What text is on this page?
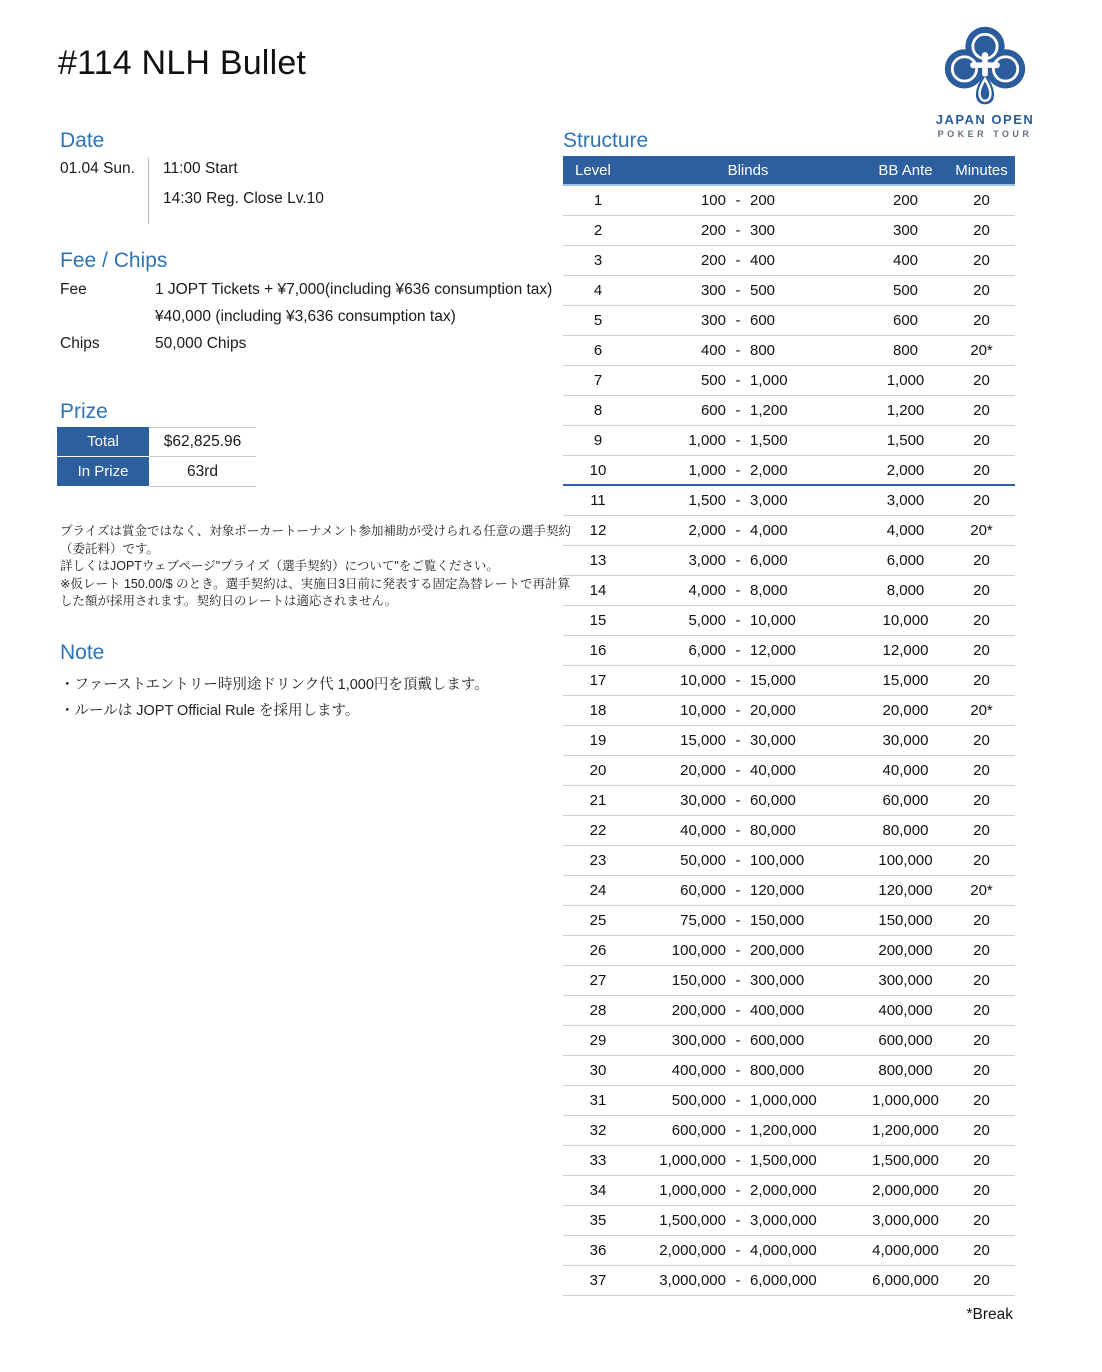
#114 NLH Bullet
JAPAN OPEN
POKER TOUR
Date
01.04 Sun.	11:00 Start
14:30 Reg. Close Lv.10
Fee / Chips
Fee	1 JOPT Tickets + ¥7,000(including ¥636 consumption tax)
¥40,000 (including ¥3,636 consumption tax)
Chips	50,000 Chips
Prize
Total	$62,825.96
In Prize	63rd
プライズは賞金ではなく、対象ポーカートーナメント参加補助が受けられる任意の選手契約（委託料）です。
詳しくはJOPTウェブページ"プライズ（選手契約）について"をご覧ください。
※仮レート 150.00/$ のとき。選手契約は、実施日3日前に発表する固定為替レートで再計算した額が採用されます。契約日のレートは適応されません。
Note
・ファーストエントリー時別途ドリンク代 1,000円を頂戴します。
・ルールは JOPT Official Rule を採用します。
Structure
Level	Blinds	BB Ante	Minutes
1	100 - 200	200	20
2	200 - 300	300	20
3	200 - 400	400	20
4	300 - 500	500	20
5	300 - 600	600	20
6	400 - 800	800	20*
7	500 - 1,000	1,000	20
8	600 - 1,200	1,200	20
9	1,000 - 1,500	1,500	20
10	1,000 - 2,000	2,000	20
11	1,500 - 3,000	3,000	20
12	2,000 - 4,000	4,000	20*
13	3,000 - 6,000	6,000	20
14	4,000 - 8,000	8,000	20
15	5,000 - 10,000	10,000	20
16	6,000 - 12,000	12,000	20
17	10,000 - 15,000	15,000	20
18	10,000 - 20,000	20,000	20*
19	15,000 - 30,000	30,000	20
20	20,000 - 40,000	40,000	20
21	30,000 - 60,000	60,000	20
22	40,000 - 80,000	80,000	20
23	50,000 - 100,000	100,000	20
24	60,000 - 120,000	120,000	20*
25	75,000 - 150,000	150,000	20
26	100,000 - 200,000	200,000	20
27	150,000 - 300,000	300,000	20
28	200,000 - 400,000	400,000	20
29	300,000 - 600,000	600,000	20
30	400,000 - 800,000	800,000	20
31	500,000 - 1,000,000	1,000,000	20
32	600,000 - 1,200,000	1,200,000	20
33	1,000,000 - 1,500,000	1,500,000	20
34	1,000,000 - 2,000,000	2,000,000	20
35	1,500,000 - 3,000,000	3,000,000	20
36	2,000,000 - 4,000,000	4,000,000	20
37	3,000,000 - 6,000,000	6,000,000	20
*Break
